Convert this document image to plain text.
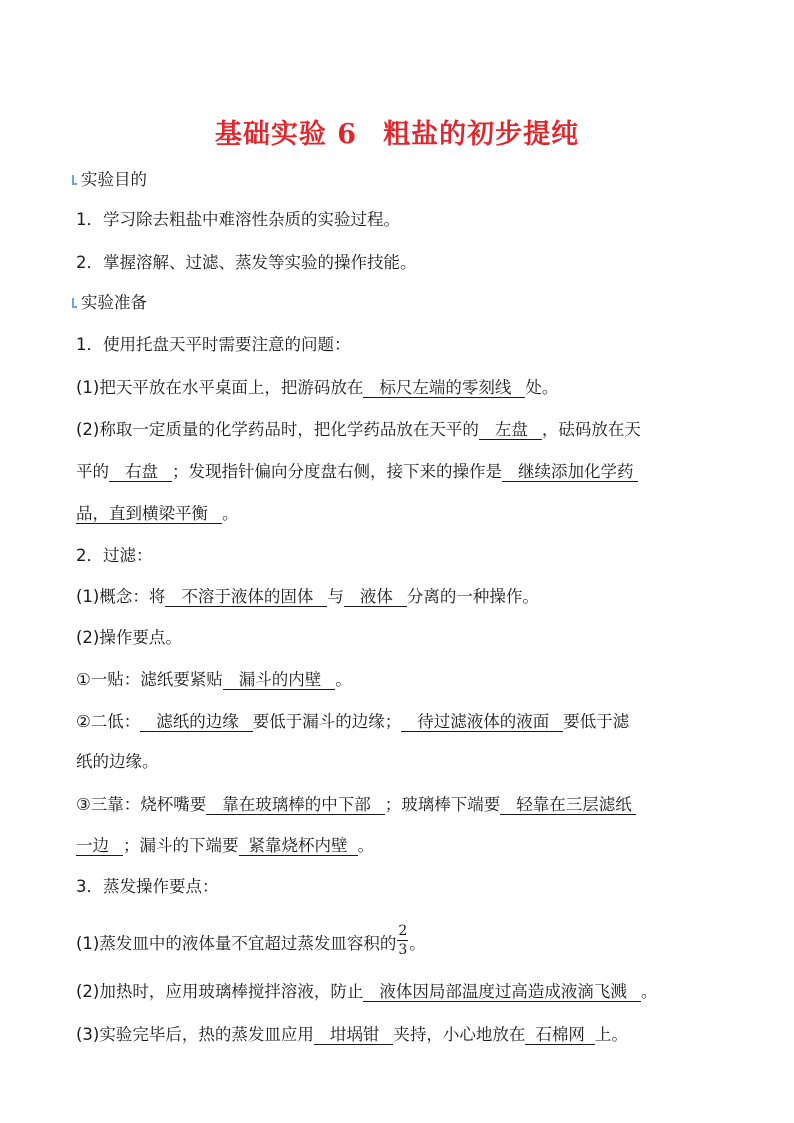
基础实验 6 粗盐的初步提纯
实验目的
1．学习除去粗盐中难溶性杂质的实验过程。
2．掌握溶解、过滤、蒸发等实验的操作技能。
实验准备
1．使用托盘天平时需要注意的问题：
(1)把天平放在水平桌面上，把游码放在 标尺左端的零刻线 处。
(2)称取一定质量的化学药品时，把化学药品放在天平的 左盘 ，砝码放在天
平的 右盘 ；发现指针偏向分度盘右侧，接下来的操作是 继续添加化学药
品，直到横梁平衡 。
2．过滤：
(1)概念：将 不溶于液体的固体 与 液体 分离的一种操作。
(2)操作要点。
①一贴：滤纸要紧贴 漏斗的内壁 。
②二低： 滤纸的边缘 要低于漏斗的边缘； 待过滤液体的液面 要低于滤
纸的边缘。
③三靠：烧杯嘴要 靠在玻璃棒的中下部 ；玻璃棒下端要 轻靠在三层滤纸
一边 ；漏斗的下端要 紧靠烧杯内壁 。
3．蒸发操作要点：
(1)蒸发皿中的液体量不宜超过蒸发皿容积的 $\frac{2}{3}$ 。
(2)加热时，应用玻璃棒搅拌溶液，防止 液体因局部温度过高造成液滴飞溅 。
(3)实验完毕后，热的蒸发皿应用 坩埚钳 夹持，小心地放在 石棉网 上。
